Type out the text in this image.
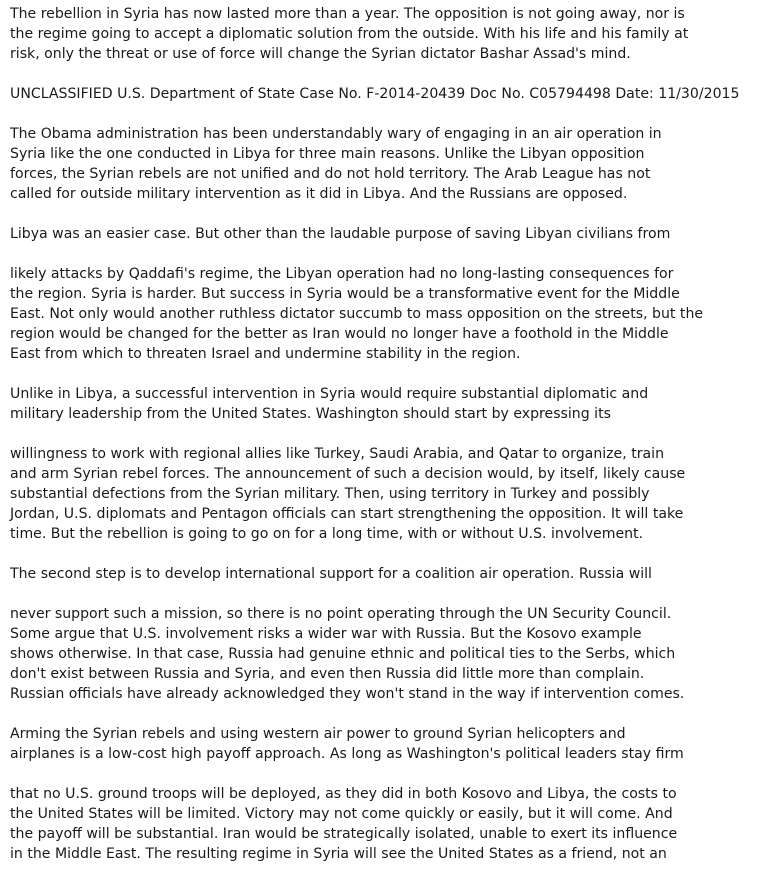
The rebellion in Syria has now lasted more than a year. The opposition is not going away, nor is
the regime going to accept a diplomatic solution from the outside. With his life and his family at
risk, only the threat or use of force will change the Syrian dictator Bashar Assad's mind.
UNCLASSIFIED U.S. Department of State Case No. F-2014-20439 Doc No. C05794498 Date: 11/30/2015
The Obama administration has been understandably wary of engaging in an air operation in
Syria like the one conducted in Libya for three main reasons. Unlike the Libyan opposition
forces, the Syrian rebels are not unified and do not hold territory. The Arab League has not
called for outside military intervention as it did in Libya. And the Russians are opposed.
Libya was an easier case. But other than the laudable purpose of saving Libyan civilians from
likely attacks by Qaddafi's regime, the Libyan operation had no long-lasting consequences for
the region. Syria is harder. But success in Syria would be a transformative event for the Middle
East. Not only would another ruthless dictator succumb to mass opposition on the streets, but the
region would be changed for the better as Iran would no longer have a foothold in the Middle
East from which to threaten Israel and undermine stability in the region.
Unlike in Libya, a successful intervention in Syria would require substantial diplomatic and
military leadership from the United States. Washington should start by expressing its
willingness to work with regional allies like Turkey, Saudi Arabia, and Qatar to organize, train
and arm Syrian rebel forces. The announcement of such a decision would, by itself, likely cause
substantial defections from the Syrian military. Then, using territory in Turkey and possibly
Jordan, U.S. diplomats and Pentagon officials can start strengthening the opposition. It will take
time. But the rebellion is going to go on for a long time, with or without U.S. involvement.
The second step is to develop international support for a coalition air operation. Russia will
never support such a mission, so there is no point operating through the UN Security Council.
Some argue that U.S. involvement risks a wider war with Russia. But the Kosovo example
shows otherwise. In that case, Russia had genuine ethnic and political ties to the Serbs, which
don't exist between Russia and Syria, and even then Russia did little more than complain.
Russian officials have already acknowledged they won't stand in the way if intervention comes.
Arming the Syrian rebels and using western air power to ground Syrian helicopters and
airplanes is a low-cost high payoff approach. As long as Washington's political leaders stay firm
that no U.S. ground troops will be deployed, as they did in both Kosovo and Libya, the costs to
the United States will be limited. Victory may not come quickly or easily, but it will come. And
the payoff will be substantial. Iran would be strategically isolated, unable to exert its influence
in the Middle East. The resulting regime in Syria will see the United States as a friend, not an
